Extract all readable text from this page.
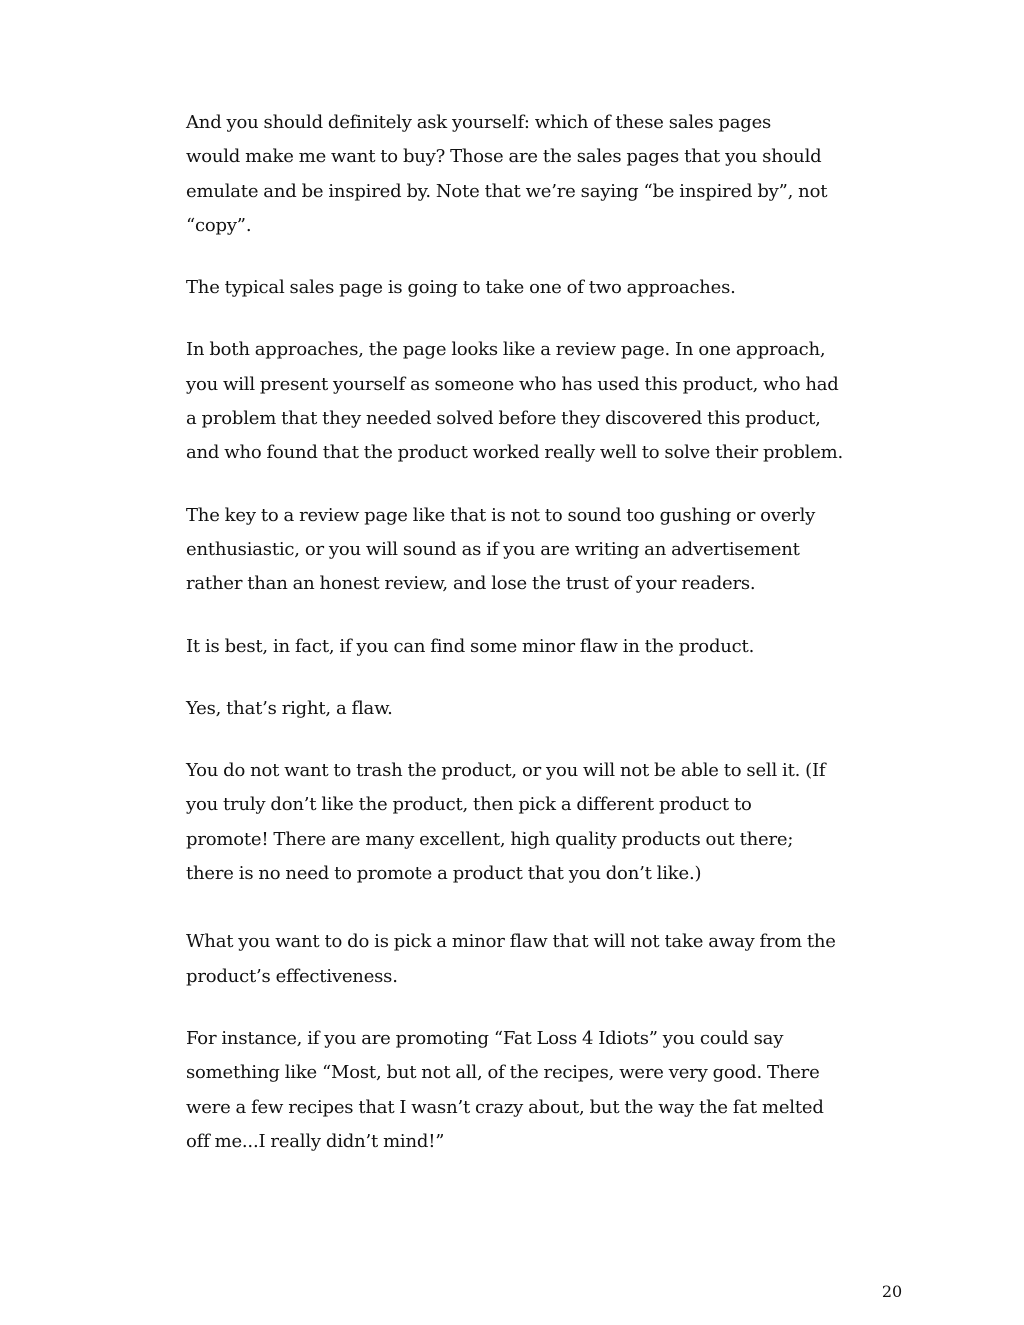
And you should definitely ask yourself: which of these sales pages
would make me want to buy? Those are the sales pages that you should
emulate and be inspired by. Note that we’re saying “be inspired by”, not
“copy”.

The typical sales page is going to take one of two approaches.

In both approaches, the page looks like a review page. In one approach,
you will present yourself as someone who has used this product, who had
a problem that they needed solved before they discovered this product,
and who found that the product worked really well to solve their problem.

The key to a review page like that is not to sound too gushing or overly
enthusiastic, or you will sound as if you are writing an advertisement
rather than an honest review, and lose the trust of your readers.

It is best, in fact, if you can find some minor flaw in the product.

Yes, that’s right, a flaw.

You do not want to trash the product, or you will not be able to sell it. (If
you truly don’t like the product, then pick a different product to
promote! There are many excellent, high quality products out there;
there is no need to promote a product that you don’t like.)

What you want to do is pick a minor flaw that will not take away from the
product’s effectiveness.

For instance, if you are promoting “Fat Loss 4 Idiots” you could say
something like “Most, but not all, of the recipes, were very good. There
were a few recipes that I wasn’t crazy about, but the way the fat melted
off me...I really didn’t mind!”

20
